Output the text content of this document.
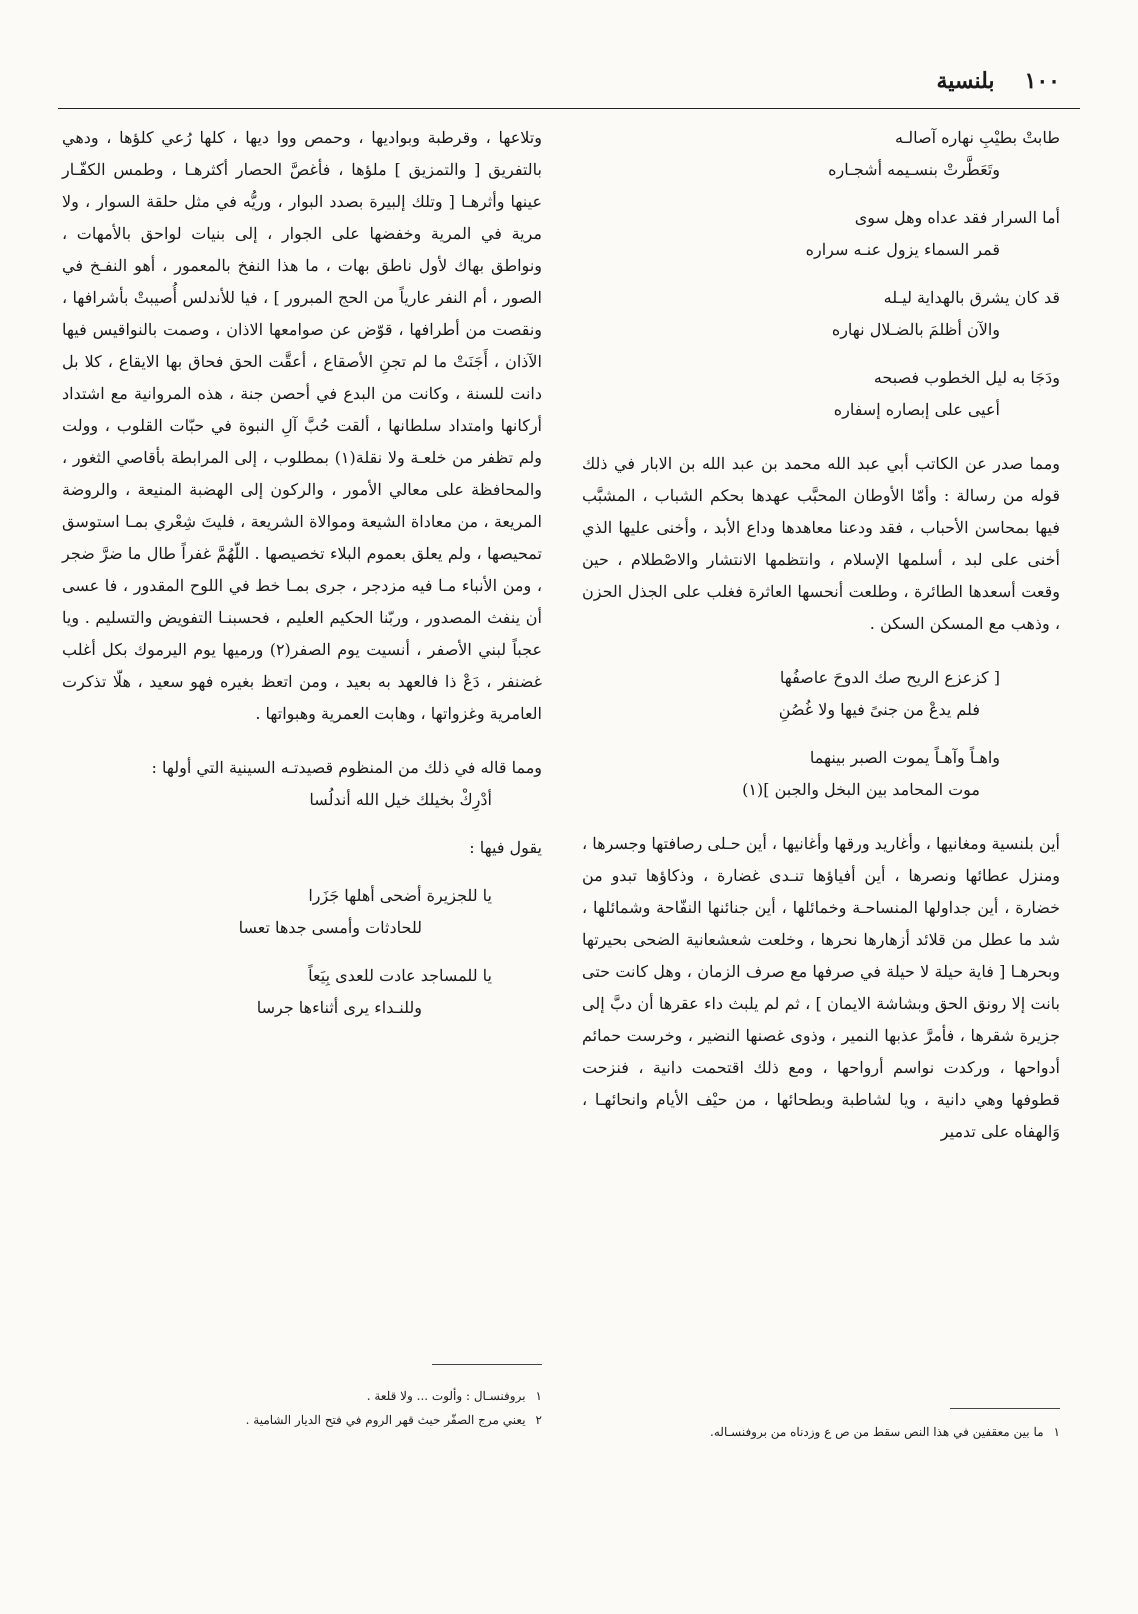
١٠٠
بلنسية
طابتْ بطيْبِ نهاره آصالـه
وتَعَطَّرتْ بنسـيمه أشجـاره
أما السرار فقد عداه وهل سوى
قمر السماء يزول عنـه سراره
قد كان يشرق بالهداية ليـله
والآن أظلمَ بالضـلال نهاره
ودَجَا به ليل الخطوب فصبحه
أعيى على إبصاره إسفاره

ومما صدر عن الكاتب أبي عبد الله محمد بن عبد الله بن الابار في ذلك قوله من رسالة : وأمّا الأوطان المحبَّب عهدها بحكم الشباب ، المشبَّب فيها بمحاسن الأحباب ، فقد ودعنا معاهدها وداع الأبد ، وأخنى عليها الذي أخنى على لبد ، أسلمها الإسلام ، وانتظمها الانتشار والاصْطلام ، حين وقعت أسعدها الطائرة ، وطلعت أنحسها العاثرة فغلب على الجذل الحزن ، وذهب مع المسكن السكن .

[ كزعزع الريح صك الدوحَ عاصفُها
فلم يدعْ من جنىً فيها ولا غُصُنِ
واهـاً وآهـاً يموت الصبر بينهما
موت المحامد بين البخل والجبن ](١)

أين بلنسية ومغانيها ، وأغاريد ورقها وأغانيها ، أين حـلى رصافتها وجسرها ، ومنزل عطائها ونصرها ، أين أفياؤها تنـدى غضارة ، وذكاؤها تبدو من خضارة ، أين جداولها المنساحـة وخمائلها ، أين جنائنها النفّاحة وشمائلها ، شد ما عطل من قلائد أزهارها نحرها ، وخلعت شعشعانية الضحى بحيرتها وبحرهـا [ فاية حيلة لا حيلة في صرفها مع صرف الزمان ، وهل كانت حتى بانت إلا رونق الحق وبشاشة الايمان ] ، ثم لم يلبث داء عقرها أن دبَّ إلى جزيرة شقرها ، فأمرَّ عذبها النمير ، وذوى غصنها النضير ، وخرست حمائم أدواحها ، وركدت نواسم أرواحها ، ومع ذلك اقتحمت دانية ، فنزحت قطوفها وهي دانية ، ويا لشاطبة وبطحائها ، من حيْف الأيام وانحائهـا ، وَالهفاه على تدمير

١ما بين معقفين في هذا النص سقط من ص ع وزدناه من بروفنسـاله.

وتلاعها ، وقرطبة وبواديها ، وحمص ووا ديها ، كلها رُعي كلؤها ، ودهي بالتفريق [ والتمزيق ] ملؤها ، فأغصَّ الحصار أكثرهـا ، وطمس الكفّـار عينها وأثرهـا [ وتلك إلبيرة بصدد البوار ، وريُّه في مثل حلقة السوار ، ولا مرية في المرية وخفضها على الجوار ، إلى بنيات لواحق بالأمهات ، ونواطق بهاك لأول ناطق بهات ، ما هذا النفخ بالمعمور ، أهو النفـخ في الصور ، أم النفر عارياً من الحج المبرور ] ، فيا للأندلس أُصيبتْ بأشرافها ، ونقصت من أطرافها ، قوّض عن صوامعها الاذان ، وصمت بالنواقيس فيها الآذان ، أَجَنَتْ ما لم تجنِ الأصقاع ، أعقَّت الحق فحاق بها الايقاع ، كلا بل دانت للسنة ، وكانت من البدع في أحصن جنة ، هذه المروانية مع اشتداد أركانها وامتداد سلطانها ، ألقت حُبَّ آلِ النبوة في حبّات القلوب ، وولت ولم تظفر من خلعـة ولا نقلة(١) بمطلوب ، إلى المرابطة بأقاصي الثغور ، والمحافظة على معالي الأمور ، والركون إلى الهضبة المنيعة ، والروضة المريعة ، من معاداة الشيعة وموالاة الشريعة ، فليتَ شِعْري بمـا استوسق تمحيصها ، ولم يعلق بعموم البلاء تخصيصها . اللّهُمَّ غفراً طال ما ضرَّ ضجر ، ومن الأنباء مـا فيه مزدجر ، جرى بمـا خط في اللوح المقدور ، فا عسى أن ينفث المصدور ، وربّنا الحكيم العليم ، فحسبنـا التفويض والتسليم . ويا عجباً لبني الأصفر ، أنسيت يوم الصفر(٢) ورميها يوم اليرموك بكل أغلب غضنفر ، دَعْ ذا فالعهد به بعيد ، ومن اتعظ بغيره فهو سعيد ، هلّا تذكرت العامرية وغزواتها ، وهابت العمرية وهبواتها .

ومما قاله في ذلك من المنظوم قصيدتـه السينية التي أولها :

أدْرِكْ بخيلك خيل الله أندلُسا

يقول فيها :

يا للجزيرة أضحى أهلها جَزَرا
للحادثات وأمسى جدها تعسا
يا للمساجد عادت للعدى بِيَعاً
وللنـداء يرى أثناءها جرسا

١بروفنسـال : وألوت ... ولا قلعة .

٢يعني مرج الصفّر حيث قهر الروم في فتح الديار الشامية .
